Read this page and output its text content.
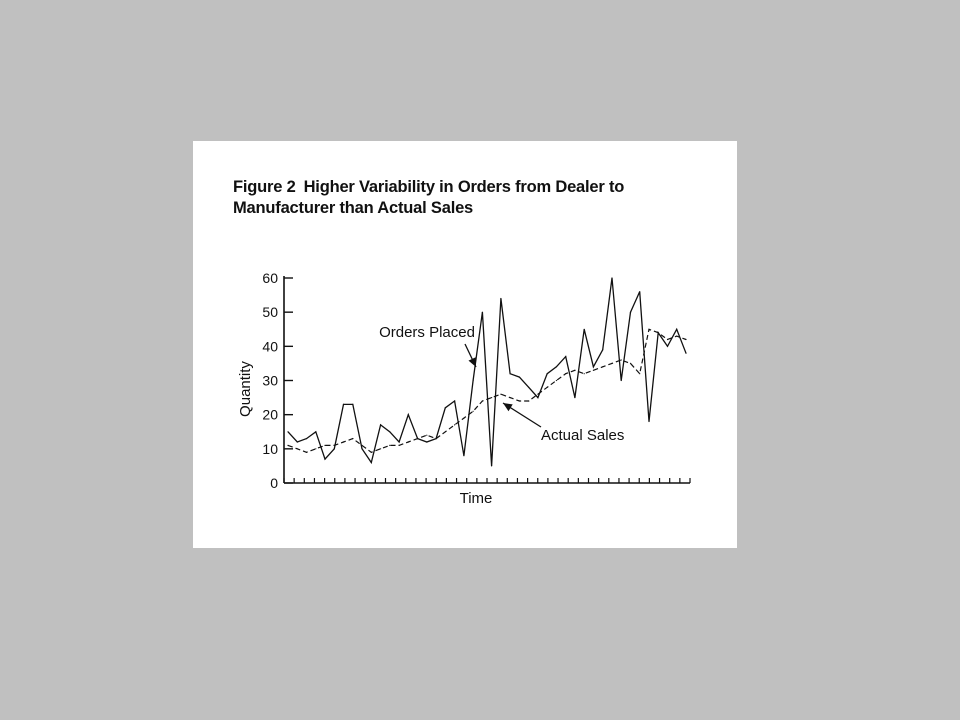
Figure 2 Higher Variability in Orders from Dealer to Manufacturer than Actual Sales
0
10
20
30
40
50
60
Orders Placed
Actual Sales
Quantity
Time
